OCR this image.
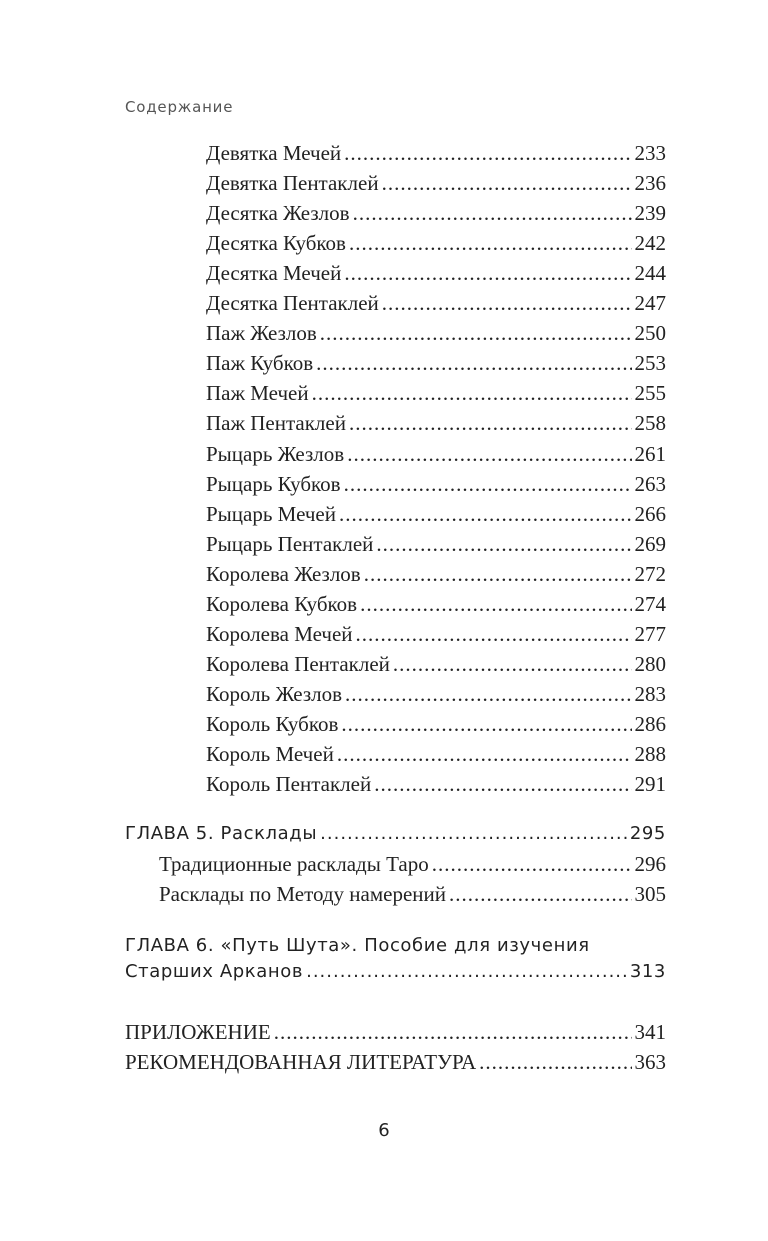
Содержание
Девятка Мечей .....	233
Девятка Пентаклей .....	236
Десятка Жезлов .....	239
Десятка Кубков .....	242
Десятка Мечей .....	244
Десятка Пентаклей .....	247
Паж Жезлов .....	250
Паж Кубков .....	253
Паж Мечей .....	255
Паж Пентаклей .....	258
Рыцарь Жезлов .....	261
Рыцарь Кубков .....	263
Рыцарь Мечей .....	266
Рыцарь Пентаклей .....	269
Королева Жезлов .....	272
Королева Кубков .....	274
Королева Мечей .....	277
Королева Пентаклей .....	280
Король Жезлов .....	283
Король Кубков .....	286
Король Мечей .....	288
Король Пентаклей .....	291
ГЛАВА 5. Расклады .....	295
Традиционные расклады Таро .....	296
Расклады по Методу намерений .....	305
ГЛАВА 6. «Путь Шута». Пособие для изучения
Старших Арканов .....	313
ПРИЛОЖЕНИЕ .....	341
РЕКОМЕНДОВАННАЯ ЛИТЕРАТУРА .....	363
6
